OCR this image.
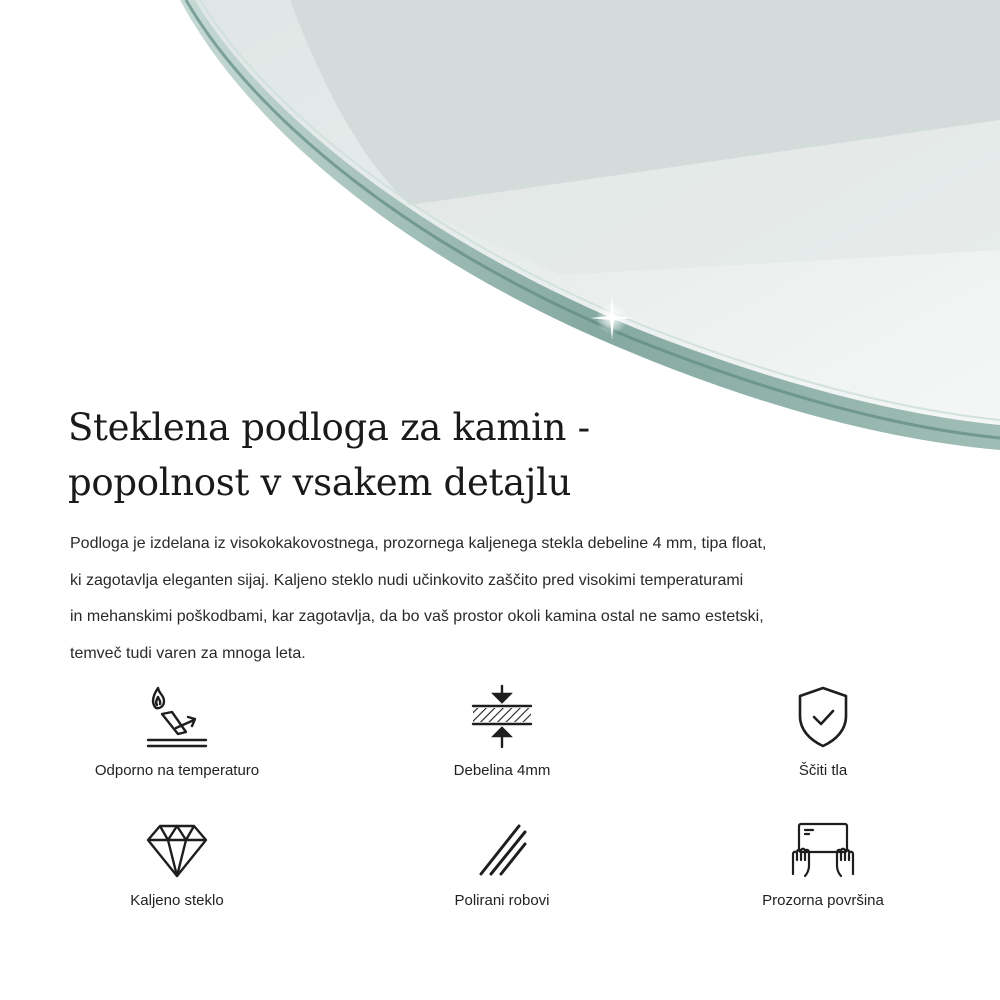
Steklena podloga za kamin -
popolnost v vsakem detajlu

Podloga je izdelana iz visokokakovostnega, prozornega kaljenega stekla debeline 4 mm, tipa float,
ki zagotavlja eleganten sijaj. Kaljeno steklo nudi učinkovito zaščito pred visokimi temperaturami
in mehanskimi poškodbami, kar zagotavlja, da bo vaš prostor okoli kamina ostal ne samo estetski,
temveč tudi varen za mnoga leta.

Odporno na temperaturo	Debelina 4mm	Ščiti tla
Kaljeno steklo	Polirani robovi	Prozorna površina
